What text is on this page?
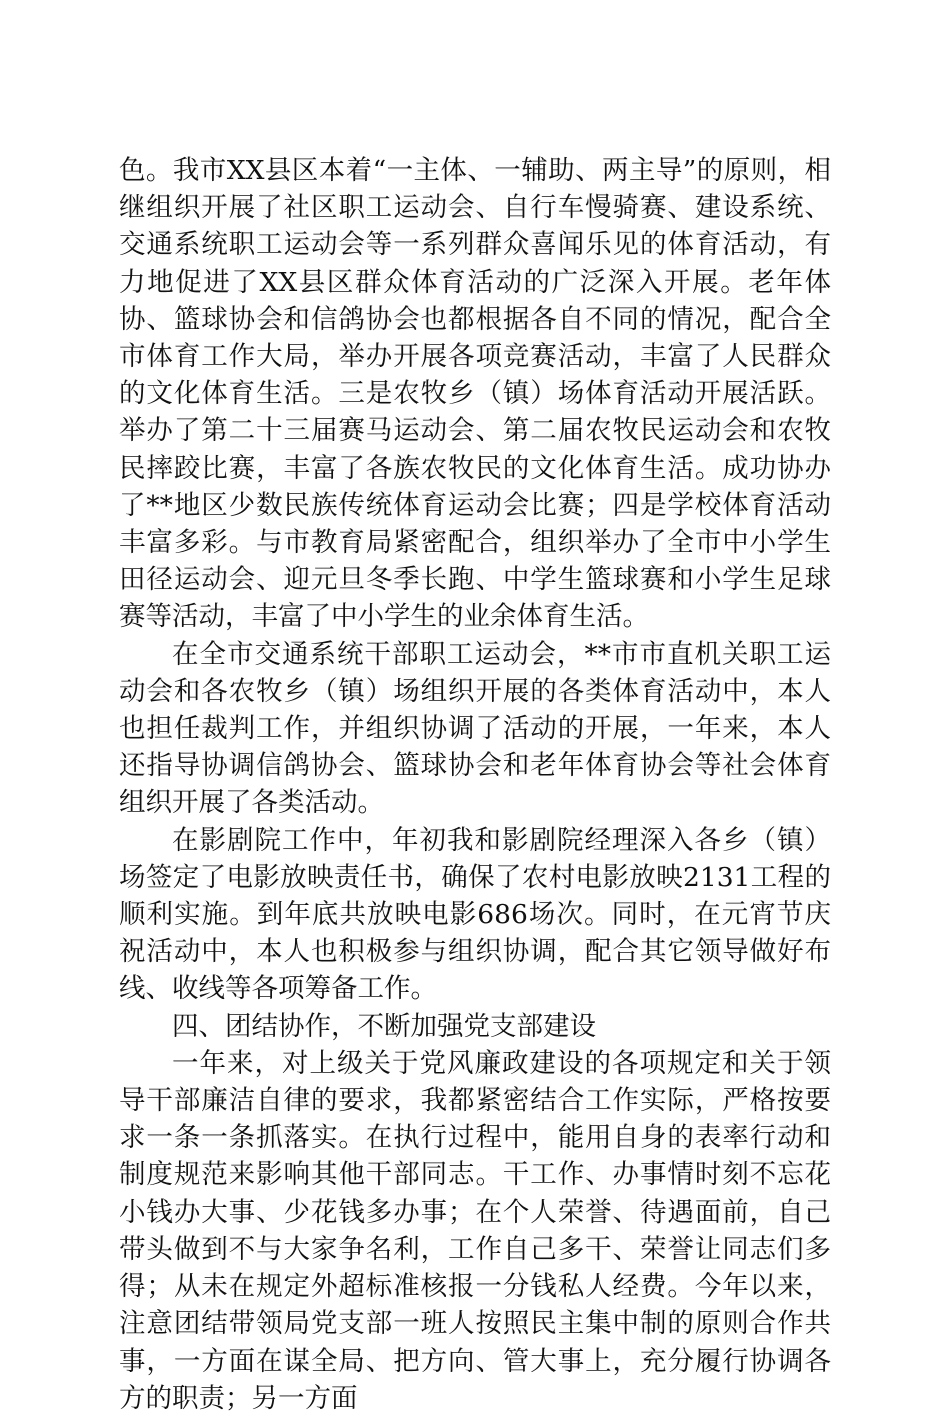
色。我市XX县区本着“一主体、一辅助、两主导”的原则，相继组织开展了社区职工运动会、自行车慢骑赛、建设系统、交通系统职工运动会等一系列群众喜闻乐见的体育活动，有力地促进了XX县区群众体育活动的广泛深入开展。老年体协、篮球协会和信鸽协会也都根据各自不同的情况，配合全市体育工作大局，举办开展各项竞赛活动，丰富了人民群众的文化体育生活。三是农牧乡（镇）场体育活动开展活跃。举办了第二十三届赛马运动会、第二届农牧民运动会和农牧民摔跤比赛，丰富了各族农牧民的文化体育生活。成功协办了**地区少数民族传统体育运动会比赛；四是学校体育活动丰富多彩。与市教育局紧密配合，组织举办了全市中小学生田径运动会、迎元旦冬季长跑、中学生篮球赛和小学生足球赛等活动，丰富了中小学生的业余体育生活。

在全市交通系统干部职工运动会，**市市直机关职工运动会和各农牧乡（镇）场组织开展的各类体育活动中，本人也担任裁判工作，并组织协调了活动的开展，一年来，本人还指导协调信鸽协会、篮球协会和老年体育协会等社会体育组织开展了各类活动。

在影剧院工作中，年初我和影剧院经理深入各乡（镇）场签定了电影放映责任书，确保了农村电影放映2131工程的顺利实施。到年底共放映电影686场次。同时，在元宵节庆祝活动中，本人也积极参与组织协调，配合其它领导做好布线、收线等各项筹备工作。

四、团结协作，不断加强党支部建设

一年来，对上级关于党风廉政建设的各项规定和关于领导干部廉洁自律的要求，我都紧密结合工作实际，严格按要求一条一条抓落实。在执行过程中，能用自身的表率行动和制度规范来影响其他干部同志。干工作、办事情时刻不忘花小钱办大事、少花钱多办事；在个人荣誉、待遇面前，自己带头做到不与大家争名利，工作自己多干、荣誉让同志们多得；从未在规定外超标准核报一分钱私人经费。今年以来，注意团结带领局党支部一班人按照民主集中制的原则合作共事，一方面在谋全局、把方向、管大事上，充分履行协调各方的职责；另一方面
